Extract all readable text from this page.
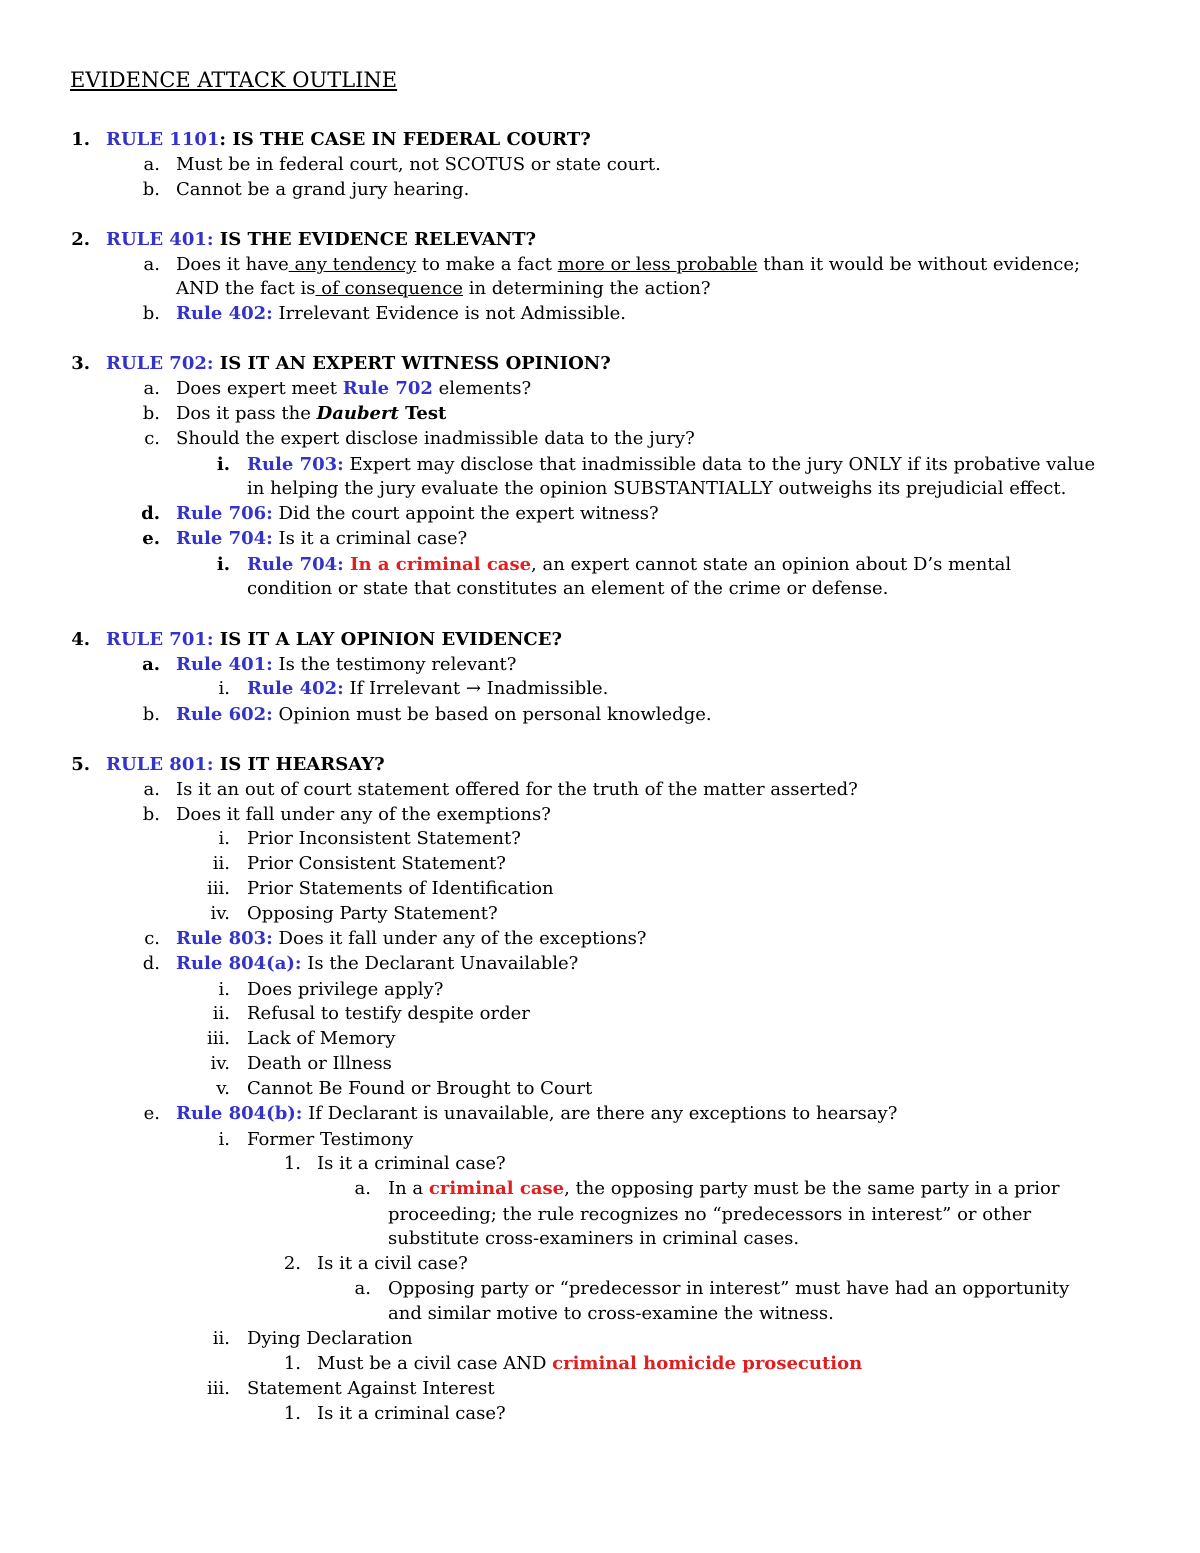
EVIDENCE ATTACK OUTLINE
1. RULE 1101: IS THE CASE IN FEDERAL COURT?
a. Must be in federal court, not SCOTUS or state court.
b. Cannot be a grand jury hearing.
2. RULE 401: IS THE EVIDENCE RELEVANT?
a. Does it have any tendency to make a fact more or less probable than it would be without evidence;
AND the fact is of consequence in determining the action?
b. Rule 402: Irrelevant Evidence is not Admissible.
3. RULE 702: IS IT AN EXPERT WITNESS OPINION?
a. Does expert meet Rule 702 elements?
b. Dos it pass the Daubert Test
c. Should the expert disclose inadmissible data to the jury?
i. Rule 703: Expert may disclose that inadmissible data to the jury ONLY if its probative value
in helping the jury evaluate the opinion SUBSTANTIALLY outweighs its prejudicial effect.
d. Rule 706: Did the court appoint the expert witness?
e. Rule 704: Is it a criminal case?
i. Rule 704: In a criminal case, an expert cannot state an opinion about D’s mental
condition or state that constitutes an element of the crime or defense.
4. RULE 701: IS IT A LAY OPINION EVIDENCE?
a. Rule 401: Is the testimony relevant?
i. Rule 402: If Irrelevant → Inadmissible.
b. Rule 602: Opinion must be based on personal knowledge.
5. RULE 801: IS IT HEARSAY?
a. Is it an out of court statement offered for the truth of the matter asserted?
b. Does it fall under any of the exemptions?
i. Prior Inconsistent Statement?
ii. Prior Consistent Statement?
iii. Prior Statements of Identification
iv. Opposing Party Statement?
c. Rule 803: Does it fall under any of the exceptions?
d. Rule 804(a): Is the Declarant Unavailable?
i. Does privilege apply?
ii. Refusal to testify despite order
iii. Lack of Memory
iv. Death or Illness
v. Cannot Be Found or Brought to Court
e. Rule 804(b): If Declarant is unavailable, are there any exceptions to hearsay?
i. Former Testimony
1. Is it a criminal case?
a. In a criminal case, the opposing party must be the same party in a prior
proceeding; the rule recognizes no “predecessors in interest” or other
substitute cross-examiners in criminal cases.
2. Is it a civil case?
a. Opposing party or “predecessor in interest” must have had an opportunity
and similar motive to cross-examine the witness.
ii. Dying Declaration
1. Must be a civil case AND criminal homicide prosecution
iii. Statement Against Interest
1. Is it a criminal case?
